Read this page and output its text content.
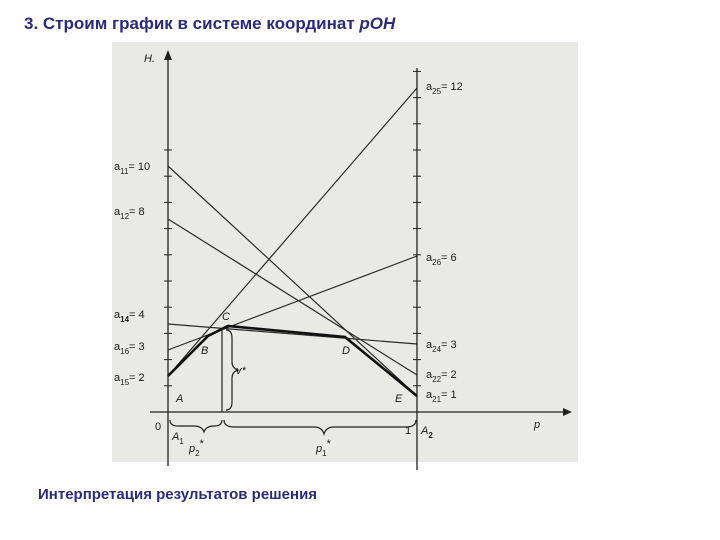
3. Строим график в системе координат pOH
H.
p
0	1
$a_{11}= 10$
$a_{12}= 8$
$a_{14}= 4$
$a_{16}= 3$
$a_{15}= 2$
$a_{25}= 12$
$a_{26}= 6$
$a_{24}= 3$
$a_{22}= 2$
$a_{21}= 1$
A
B
C
D
E
v*
$A_1$
$A_2$
$p_2*$	$p_1*$
Интерпретация результатов решения
